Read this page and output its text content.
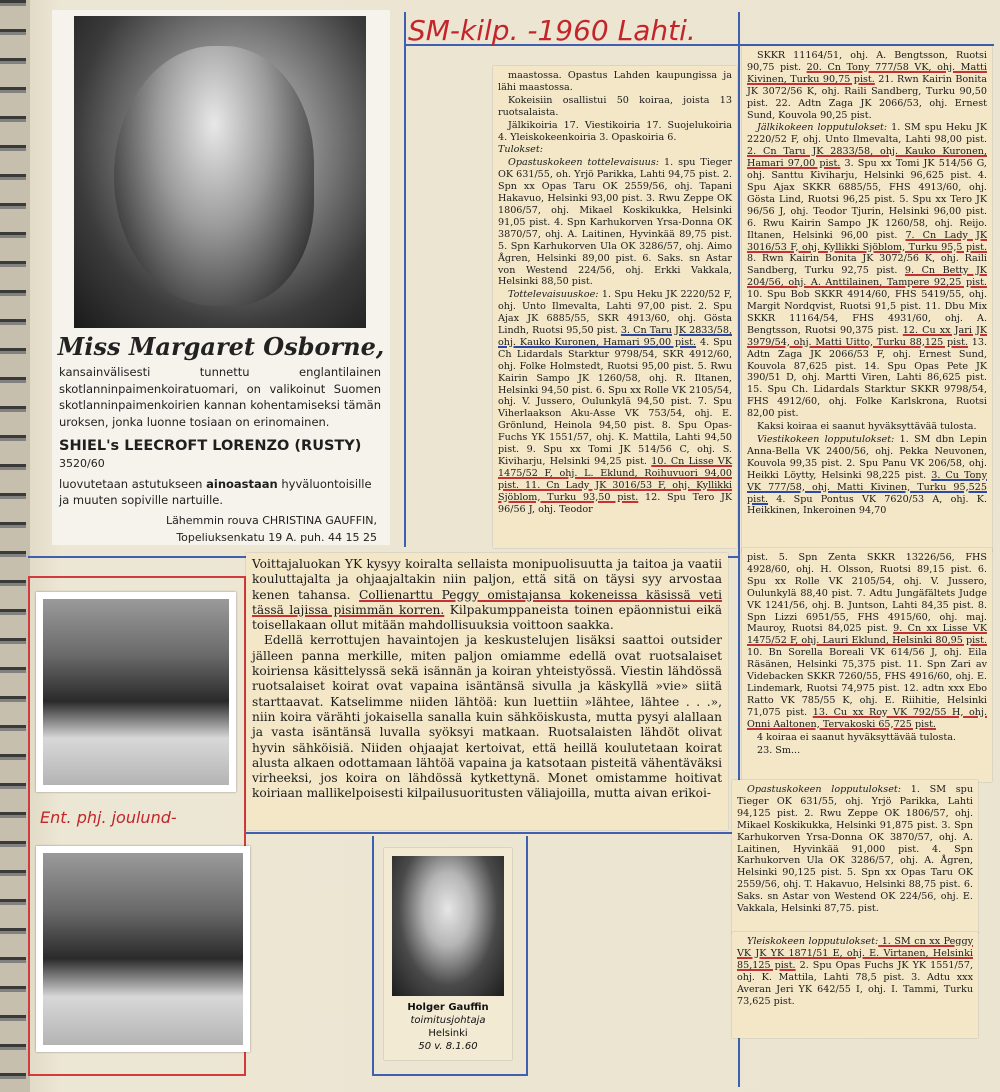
SM-kilp. -1960 Lahti.
Miss Margaret Osborne,
kansainvälisesti tunnettu englantilainen skotlanninpaimenkoiratuomari, on valikoinut Suomen skotlanninpaimenkoirien kannan kohentamiseksi tämän uroksen, jonka luonne tosiaan on erinomainen.
SHIEL's LEECROFT LORENZO (RUSTY)
3520/60
luovutetaan astutukseen ainoastaan hyväluontoisille ja muuten sopiville nartuille.
Lähemmin rouva CHRISTINA GAUFFIN,
Topeliuksenkatu 19 A. puh. 44 15 25

maastossa. Opastus Lahden kaupungissa ja lähi maastossa.

Kokeisiin osallistui 50 koiraa, joista 13 ruotsalaista.

Jälkikoiria 17. Viestikoiria 17. Suojelukoiria 4. Yleiskokeenkoiria 3. Opaskoiria 6.

Tulokset:

Opastuskokeen tottelevaisuus: 1. spu Tieger OK 631/55, oh. Yrjö Parikka, Lahti 94,75 pist. 2. Spn xx Opas Taru OK 2559/56, ohj. Tapani Hakavuo, Helsinki 93,00 pist. 3. Rwu Zeppe OK 1806/57, ohj. Mikael Koskikukka, Helsinki 91,05 pist. 4. Spn Karhukorven Yrsa-Donna OK 3870/57, ohj. A. Laitinen, Hyvinkää 89,75 pist. 5. Spn Karhukorven Ula OK 3286/57, ohj. Aimo Ågren, Helsinki 89,00 pist. 6. Saks. sn Astar von Westend 224/56, ohj. Erkki Vakkala, Helsinki 88,50 pist.

Tottelevaisuuskoe: 1. Spu Heku JK 2220/52 F, ohj. Unto Ilmevalta, Lahti 97,00 pist. 2. Spu Ajax JK 6885/55, SKR 4913/60, ohj. Gösta Lindh, Ruotsi 95,50 pist. 3. Cn Taru JK 2833/58, ohj. Kauko Kuronen, Hamari 95,00 pist. 4. Spu Ch Lidardals Starktur 9798/54, SKR 4912/60, ohj. Folke Holmstedt, Ruotsi 95,00 pist. 5. Rwu Kairin Sampo JK 1260/58, ohj. R. Iltanen, Helsinki 94,50 pist. 6. Spu xx Rolle VK 2105/54, ohj. V. Jussero, Oulunkylä 94,50 pist. 7. Spu Viherlaakson Aku-Asse VK 753/54, ohj. E. Grönlund, Heinola 94,50 pist. 8. Spu Opas-Fuchs YK 1551/57, ohj. K. Mattila, Lahti 94,50 pist. 9. Spu xx Tomi JK 514/56 C, ohj. S. Kiviharju, Helsinki 94,25 pist. 10. Cn Lisse VK 1475/52 F, ohj. L. Eklund, Roihuvuori 94,00 pist. 11. Cn Lady JK 3016/53 F, ohj. Kyllikki Sjöblom, Turku 93,50 pist. 12. Spu Tero JK 96/56 J, ohj. Teodor

SKKR 11164/51, ohj. A. Bengtsson, Ruotsi 90,75 pist. 20. Cn Tony 777/58 VK, ohj. Matti Kivinen, Turku 90,75 pist. 21. Rwn Kairin Bonita JK 3072/56 K, ohj. Raili Sandberg, Turku 90,50 pist. 22. Adtn Zaga JK 2066/53, ohj. Ernest Sund, Kouvola 90,25 pist.

Jälkikokeen lopputulokset: 1. SM spu Heku JK 2220/52 F, ohj. Unto Ilmevalta, Lahti 98,00 pist. 2. Cn Taru JK 2833/58, ohj. Kauko Kuronen, Hamari 97,00 pist. 3. Spu xx Tomi JK 514/56 G, ohj. Santtu Kiviharju, Helsinki 96,625 pist. 4. Spu Ajax SKKR 6885/55, FHS 4913/60, ohj. Gösta Lind, Ruotsi 96,25 pist. 5. Spu xx Tero JK 96/56 J, ohj. Teodor Tjurin, Helsinki 96,00 pist. 6. Rwu Kairin Sampo JK 1260/58, ohj. Reijo. Iltanen, Helsinki 96,00 pist. 7. Cn Lady JK 3016/53 F, ohj. Kyllikki Sjöblom, Turku 95,5 pist. 8. Rwn Kairin Bonita JK 3072/56 K, ohj. Raili Sandberg, Turku 92,75 pist. 9. Cn Betty JK 204/56, ohj. A. Anttilainen, Tampere 92,25 pist. 10. Spu Bob SKKR 4914/60, FHS 5419/55, ohj. Margit Nordqvist, Ruotsi 91,5 pist. 11. Dbu Mix SKKR 11164/54, FHS 4931/60, ohj. A. Bengtsson, Ruotsi 90,375 pist. 12. Cu xx Jari JK 3979/54, ohj. Matti Uitto, Turku 88,125 pist. 13. Adtn Zaga JK 2066/53 F, ohj. Ernest Sund, Kouvola 87,625 pist. 14. Spu Opas Pete JK 390/51 D, ohj. Martti Viren, Lahti 86,625 pist. 15. Spu Ch. Lidardals Starktur SKKR 9798/54, FHS 4912/60, ohj. Folke Karlskrona, Ruotsi 82,00 pist.

Kaksi koiraa ei saanut hyväksyttävää tulosta.

Viestikokeen lopputulokset: 1. SM dbn Lepin Anna-Bella VK 2400/56, ohj. Pekka Neuvonen, Kouvola 99,35 pist. 2. Spu Panu VK 206/58, ohj. Heikki Löytty, Helsinki 98,225 pist. 3. Cu Tony VK 777/58, ohj. Matti Kivinen, Turku 95,525 pist. 4. Spu Pontus VK 7620/53 A, ohj. K. Heikkinen, Inkeroinen 94,70

pist. 5. Spn Zenta SKKR 13226/56, FHS 4928/60, ohj. H. Olsson, Ruotsi 89,15 pist. 6. Spu xx Rolle VK 2105/54, ohj. V. Jussero, Oulunkylä 88,40 pist. 7. Adtu Jungäfältets Judge VK 1241/56, ohj. B. Juntson, Lahti 84,35 pist. 8. Spn Lizzi 6951/55, FHS 4915/60, ohj. maj. Mauroy, Ruotsi 84,025 pist. 9. Cn xx Lisse VK 1475/52 F, ohj. Lauri Eklund, Helsinki 80,95 pist. 10. Bn Sorella Boreali VK 614/56 J, ohj. Eila Räsänen, Helsinki 75,375 pist. 11. Spn Zari av Videbacken SKKR 7260/55, FHS 4916/60, ohj. E. Lindemark, Ruotsi 74,975 pist. 12. adtn xxx Ebo Ratto VK 785/55 K, ohj. E. Riihitie, Helsinki 71,075 pist. 13. Cu xx Roy VK 792/55 H, ohj. Onni Aaltonen, Tervakoski 65,725 pist.

4 koiraa ei saanut hyväksyttävää tulosta.

23. Sm...

Opastuskokeen lopputulokset: 1. SM spu Tieger OK 631/55, ohj. Yrjö Parikka, Lahti 94,125 pist. 2. Rwu Zeppe OK 1806/57, ohj. Mikael Koskikukka, Helsinki 91,875 pist. 3. Spn Karhukorven Yrsa-Donna OK 3870/57, ohj. A. Laitinen, Hyvinkää 91,000 pist. 4. Spn Karhukorven Ula OK 3286/57, ohj. A. Ågren, Helsinki 90,125 pist. 5. Spn xx Opas Taru OK 2559/56, ohj. T. Hakavuo, Helsinki 88,75 pist. 6. Saks. sn Astar von Westend OK 224/56, ohj. E. Vakkala, Helsinki 87,75. pist.

Yleiskokeen lopputulokset: 1. SM cn xx Peggy VK JK YK 1871/51 E, ohj. E. Virtanen, Helsinki 85,125 pist. 2. Spu Opas Fuchs JK YK 1551/57, ohj. K. Mattila, Lahti 78,5 pist. 3. Adtu xxx Averan Jeri YK 642/55 I, ohj. I. Tammi, Turku 73,625 pist.

Voittajaluokan YK kysyy koiralta sellaista monipuolisuutta ja taitoa ja vaatii kouluttajalta ja ohjaajaltakin niin paljon, että sitä on täysi syy arvostaa kenen tahansa. Collienarttu Peggy omistajansa kokeneissa käsissä veti tässä lajissa pisimmän korren. Kilpakumppaneista toinen epäonnistui eikä toisellakaan ollut mitään mahdollisuuksia voittoon saakka.

Edellä kerrottujen havaintojen ja keskustelujen lisäksi saattoi outsider jälleen panna merkille, miten paljon omiamme edellä ovat ruotsalaiset koiriensa käsittelyssä sekä isännän ja koiran yhteistyössä. Viestin lähdössä ruotsalaiset koirat ovat vapaina isäntänsä sivulla ja käskyllä »vie» siitä starttaavat. Katselimme niiden lähtöä: kun luettiin »lähtee, lähtee . . .», niin koira värähti jokaisella sanalla kuin sähköiskusta, mutta pysyi alallaan ja vasta isäntänsä luvalla syöksyi matkaan. Ruotsalaisten lähdöt olivat hyvin sähköisiä. Niiden ohjaajat kertoivat, että heillä koulutetaan koirat alusta alkaen odottamaan lähtöä vapaina ja katsotaan pisteitä vähentäväksi virheeksi, jos koira on lähdössä kytkettynä. Monet omistamme hoitivat koiriaan mallikelpoisesti kilpailusuoritusten väliajoilla, mutta aivan erikoi-

Ent. phj. joulund-
Holger Gauffin
toimitusjohtaja
Helsinki
50 v. 8.1.60
